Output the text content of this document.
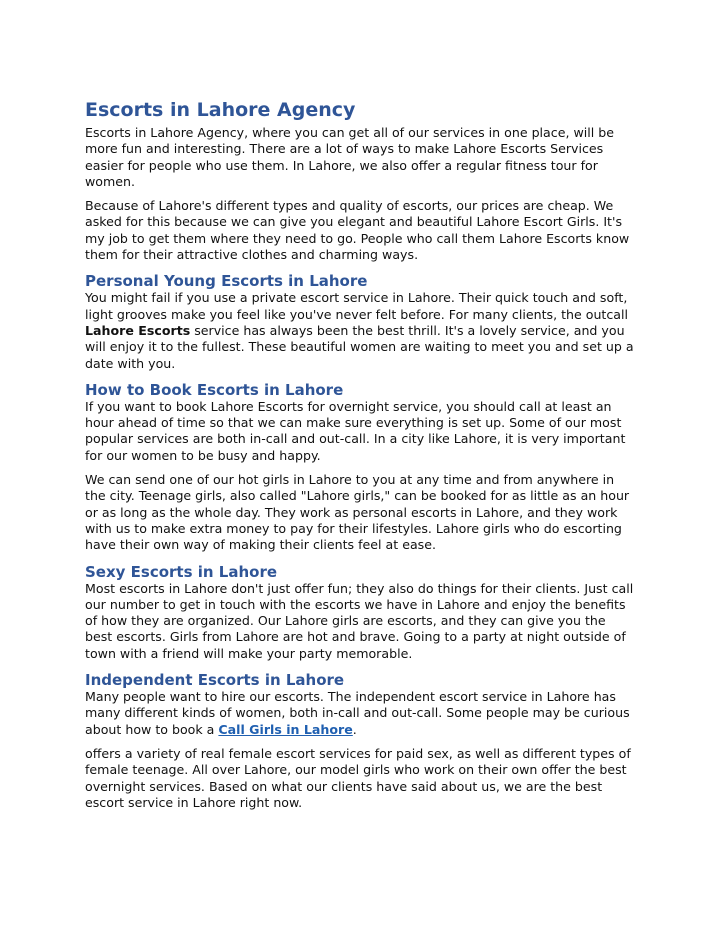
Escorts in Lahore Agency

Escorts in Lahore Agency, where you can get all of our services in one place, will be more fun and interesting. There are a lot of ways to make Lahore Escorts Services easier for people who use them. In Lahore, we also offer a regular fitness tour for women.

Because of Lahore's different types and quality of escorts, our prices are cheap. We asked for this because we can give you elegant and beautiful Lahore Escort Girls. It's my job to get them where they need to go. People who call them Lahore Escorts know them for their attractive clothes and charming ways.

Personal Young Escorts in Lahore

You might fail if you use a private escort service in Lahore. Their quick touch and soft, light grooves make you feel like you've never felt before. For many clients, the outcall Lahore Escorts service has always been the best thrill. It's a lovely service, and you will enjoy it to the fullest. These beautiful women are waiting to meet you and set up a date with you.

How to Book Escorts in Lahore

If you want to book Lahore Escorts for overnight service, you should call at least an hour ahead of time so that we can make sure everything is set up. Some of our most popular services are both in-call and out-call. In a city like Lahore, it is very important for our women to be busy and happy.

We can send one of our hot girls in Lahore to you at any time and from anywhere in the city. Teenage girls, also called "Lahore girls," can be booked for as little as an hour or as long as the whole day. They work as personal escorts in Lahore, and they work with us to make extra money to pay for their lifestyles. Lahore girls who do escorting have their own way of making their clients feel at ease.

Sexy Escorts in Lahore

Most escorts in Lahore don't just offer fun; they also do things for their clients. Just call our number to get in touch with the escorts we have in Lahore and enjoy the benefits of how they are organized. Our Lahore girls are escorts, and they can give you the best escorts. Girls from Lahore are hot and brave. Going to a party at night outside of town with a friend will make your party memorable.

Independent Escorts in Lahore

Many people want to hire our escorts. The independent escort service in Lahore has many different kinds of women, both in-call and out-call. Some people may be curious about how to book a Call Girls in Lahore.

offers a variety of real female escort services for paid sex, as well as different types of female teenage. All over Lahore, our model girls who work on their own offer the best overnight services. Based on what our clients have said about us, we are the best escort service in Lahore right now.
